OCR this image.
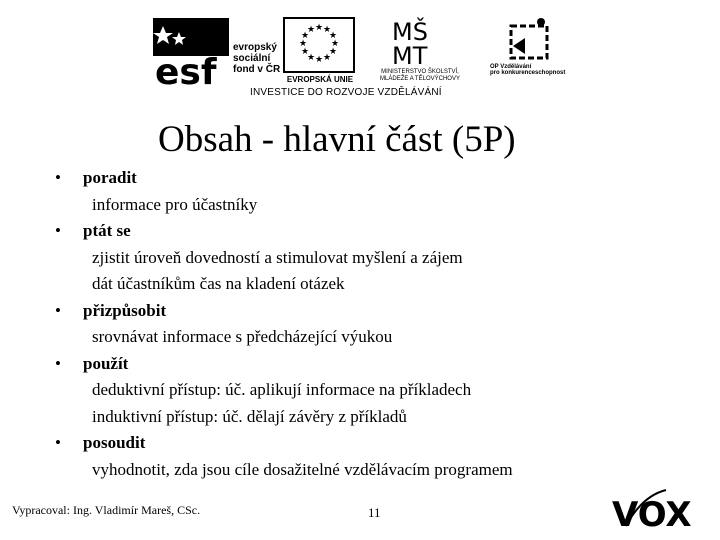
esf
evropský
sociální
fond v ČR
★ ★
★
★
★
★
★
★
★
★
★
★
EVROPSKÁ UNIE
MŠ
MT
MINISTERSTVO ŠKOLSTVÍ,
MLÁDEŽE A TĚLOVÝCHOVY
OP Vzdělávání
pro konkurenceschopnost
INVESTICE DO ROZVOJE VZDĚLÁVÁNÍ
Obsah - hlavní část (5P)
• poradit
informace pro účastníky
• ptát se
zjistit úroveň dovedností a stimulovat myšlení a zájem
dát účastníkům čas na kladení otázek
• přizpůsobit
srovnávat informace s předcházející výukou
• použít
deduktivní přístup: úč. aplikují informace na příkladech
induktivní přístup: úč. dělají závěry z příkladů
• posoudit
vyhodnotit, zda jsou cíle dosažitelné vzdělávacím programem
Vypracoval: Ing. Vladimír Mareš, CSc.	11	VOX
